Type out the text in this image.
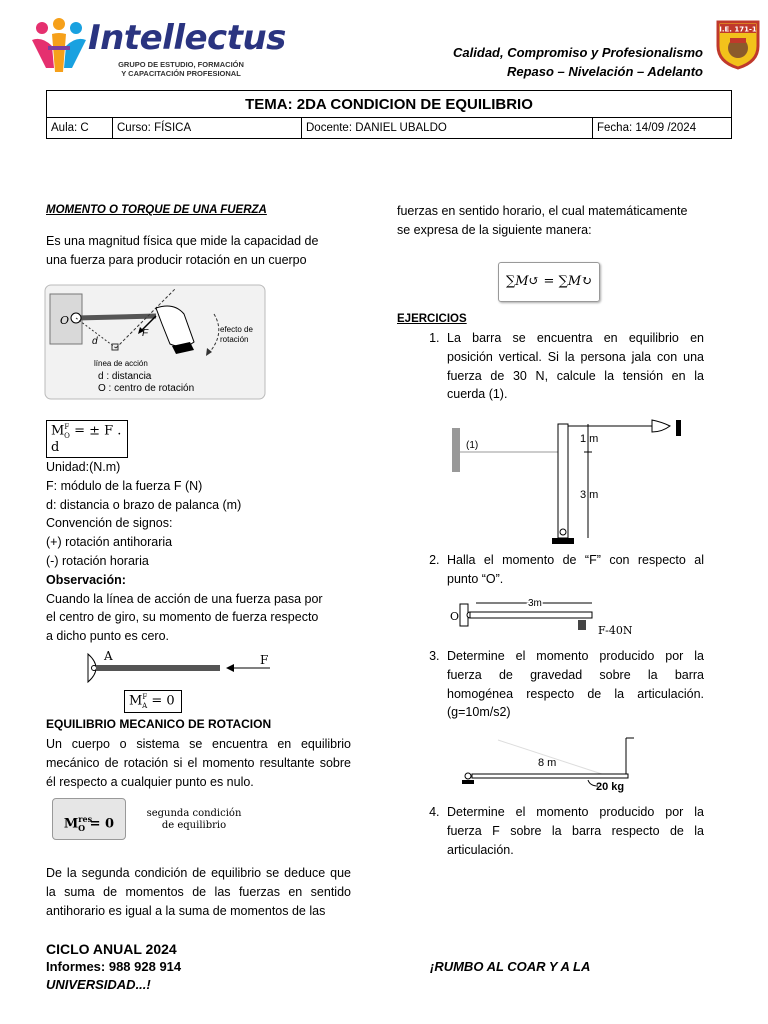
Intellectus
GRUPO DE ESTUDIO, FORMACIÓN
Y CAPACITACIÓN PROFESIONAL
Calidad, Compromiso y Profesionalismo
Repaso – Nivelación – Adelanto
I.E. 171-1
TEMA: 2DA CONDICION DE EQUILIBRIO
Aula: C	Curso: FÍSICA	Docente: DANIEL UBALDO	Fecha: 14/09 /2024
MOMENTO O TORQUE DE UNA FUERZA
Es una magnitud física que mide la capacidad de
una fuerza para producir rotación en un cuerpo
O
F
d
efecto de
rotación
línea de acción
d : distancia
O : centro de rotación
$M^F_O$ = ± F . d
Unidad:(N.m)
F: módulo de la fuerza F (N)
d: distancia o brazo de palanca (m)
Convención de signos:
(+) rotación antihoraria
(-) rotación horaria
Observación:
Cuando la línea de acción de una fuerza pasa por
el centro de giro, su momento de fuerza respecto
a dicho punto es cero.
A	F
$M^F_A = 0$
EQUILIBRIO MECANICO DE ROTACION
Un cuerpo o sistema se encuentra en equilibrio mecánico de rotación si el momento resultante sobre él respecto a cualquier punto es nulo.
$Mres_O = 0$
segunda condición
de equilibrio
De la segunda condición de equilibrio se deduce que la suma de momentos de las fuerzas en sentido antihorario es igual a la suma de momentos de las
fuerzas en sentido horario, el cual matemáticamente
se expresa de la siguiente manera:
∑M↺ = ∑M↻
EJERCICIOS
1. La barra se encuentra en equilibrio en posición vertical. Si la persona jala con una fuerza de 30 N, calcule la tensión en la cuerda (1).
(1)
1 m
3 m
2. Halla el momento de “F” con respecto al punto “O”.
O
3m
F-40N
3. Determine el momento producido por la fuerza de gravedad sobre la barra homogénea respecto de la articulación. (g=10m/s2)
8 m
20 kg
4. Determine el momento producido por la fuerza F sobre la barra respecto de la articulación.
CICLO ANUAL 2024
Informes: 988 928 914
UNIVERSIDAD...!
¡RUMBO AL COAR Y A LA
